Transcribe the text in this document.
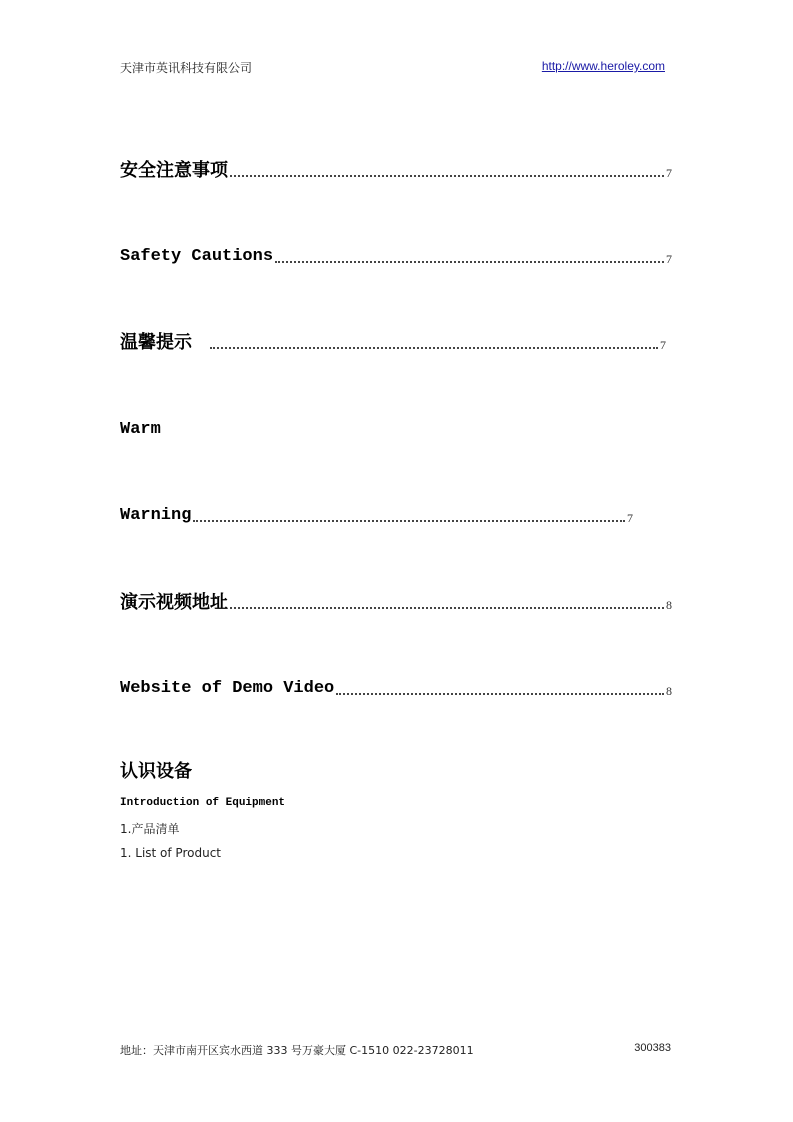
天津市英讯科技有限公司	http://www.heroley.com
安全注意事项	7
Safety Cautions	7
温馨提示	7
Warm
Warning	7
演示视频地址	8
Website of Demo Video	8
认识设备
Introduction of Equipment
1.产品清单
1. List of Product
地址：天津市南开区宾水西道 333 号万豪大厦 C-1510 022-23728011	300383
